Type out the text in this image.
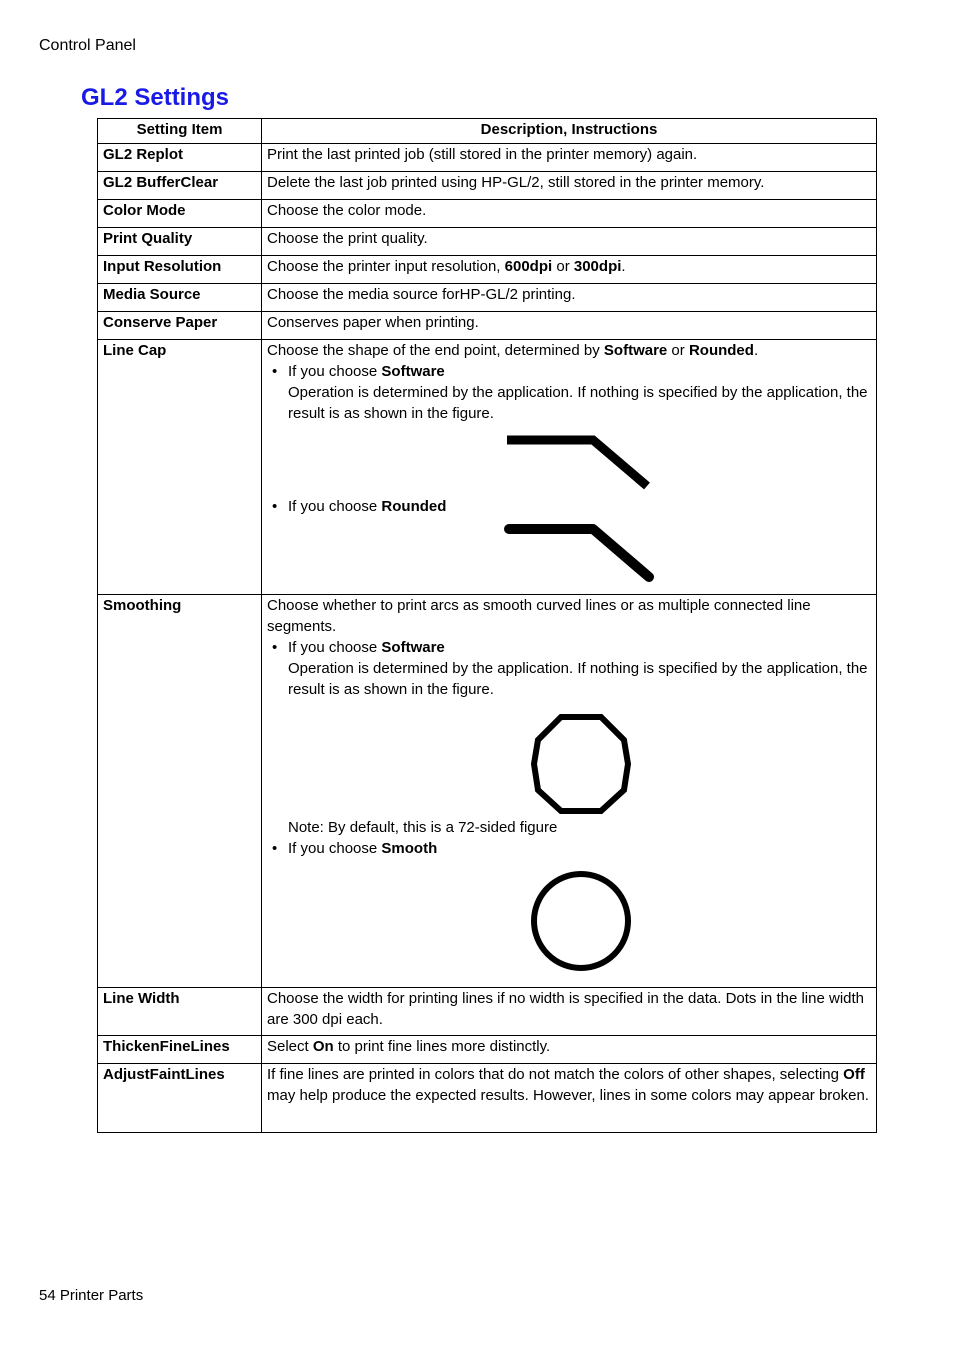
Control Panel
GL2 Settings
Setting Item	Description, Instructions
GL2 Replot	Print the last printed job (still stored in the printer memory) again.
GL2 BufferClear	Delete the last job printed using HP-GL/2, still stored in the printer memory.
Color Mode	Choose the color mode.
Print Quality	Choose the print quality.
Input Resolution	Choose the printer input resolution, 600dpi or 300dpi.
Media Source	Choose the media source forHP-GL/2 printing.
Conserve Paper	Conserves paper when printing.
Line Cap	Choose the shape of the end point, determined by Software or Rounded.
• If you choose Software
Operation is determined by the application. If nothing is specified by the application, the result is as shown in the figure.
• If you choose Rounded

Smoothing	Choose whether to print arcs as smooth curved lines or as multiple connected line segments.
• If you choose Software
Operation is determined by the application. If nothing is specified by the application, the result is as shown in the figure.
Note: By default, this is a 72-sided figure
• If you choose Smooth

Line Width	Choose the width for printing lines if no width is specified in the data. Dots in the line width are 300 dpi each.
ThickenFineLines	Select On to print fine lines more distinctly.
AdjustFaintLines	If fine lines are printed in colors that do not match the colors of other shapes, selecting Off may help produce the expected results. However, lines in some colors may appear broken.
54 Printer Parts
